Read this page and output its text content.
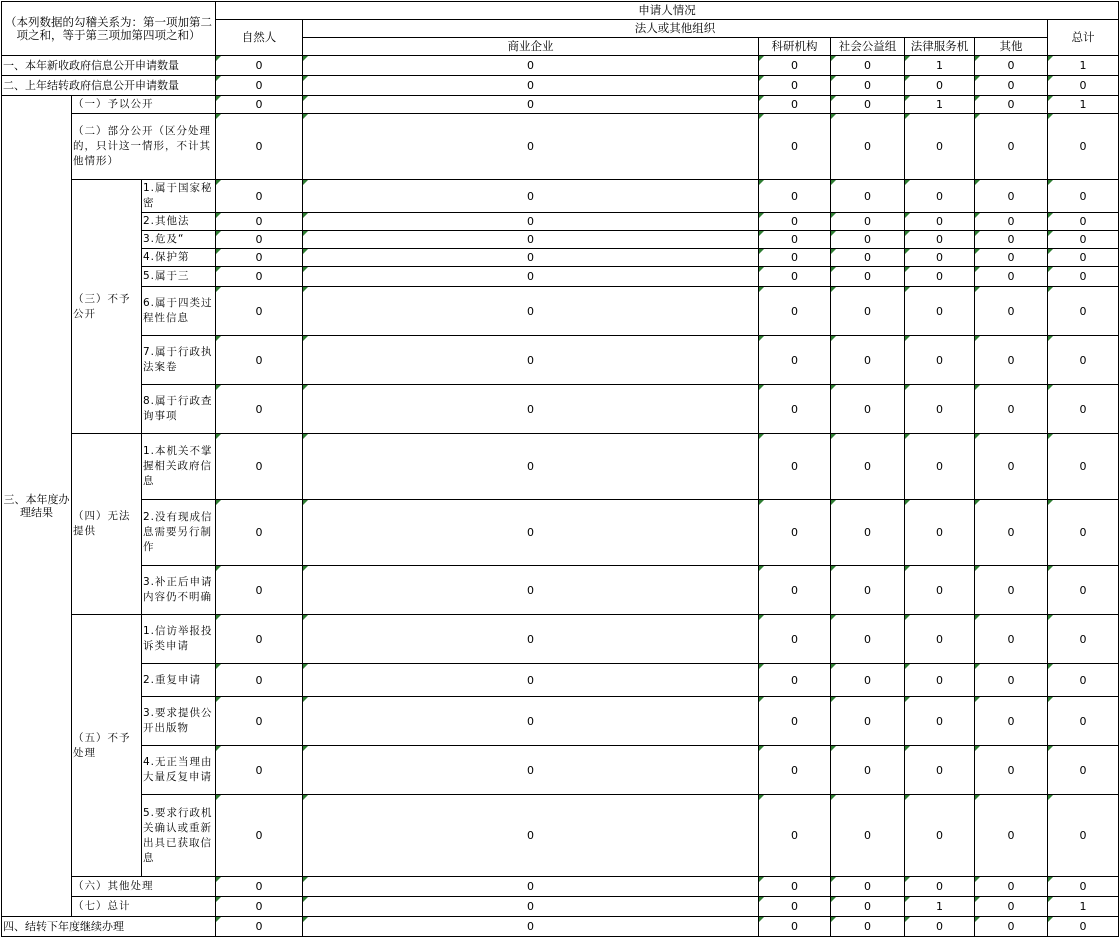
（本列数据的勾稽关系为：第一项加第二项之和，等于第三项加第四项之和）			申请人情况						
			自然人	法人或其他组织					总计
				商业企业	科研机构	社会公益组	法律服务机	其他	
一、本年新收政府信息公开申请数量			0	0	0	0	1	0	1
二、上年结转政府信息公开申请数量			0	0	0	0	0	0	0
三、本年度办理结果	（一）予以公开		0	0	0	0	1	0	1
	（二）部分公开（区分处理的，只计这一情形，不计其他情形）		0	0	0	0	0	0	0
	（三）不予公开	1.属于国家秘密	0	0	0	0	0	0	0
		2.其他法	0	0	0	0	0	0	0
		3.危及“	0	0	0	0	0	0	0
		4.保护第	0	0	0	0	0	0	0
		5.属于三	0	0	0	0	0	0	0
		6.属于四类过程性信息	0	0	0	0	0	0	0
		7.属于行政执法案卷	0	0	0	0	0	0	0
		8.属于行政查询事项	0	0	0	0	0	0	0
	（四）无法提供	1.本机关不掌握相关政府信息	0	0	0	0	0	0	0
		2.没有现成信息需要另行制作	0	0	0	0	0	0	0
		3.补正后申请内容仍不明确	0	0	0	0	0	0	0
	（五）不予处理	1.信访举报投诉类申请	0	0	0	0	0	0	0
		2.重复申请	0	0	0	0	0	0	0
		3.要求提供公开出版物	0	0	0	0	0	0	0
		4.无正当理由大量反复申请	0	0	0	0	0	0	0
		5.要求行政机关确认或重新出具已获取信息	0	0	0	0	0	0	0
	（六）其他处理		0	0	0	0	0	0	0
	（七）总计		0	0	0	0	1	0	1
四、结转下年度继续办理			0	0	0	0	0	0	0
